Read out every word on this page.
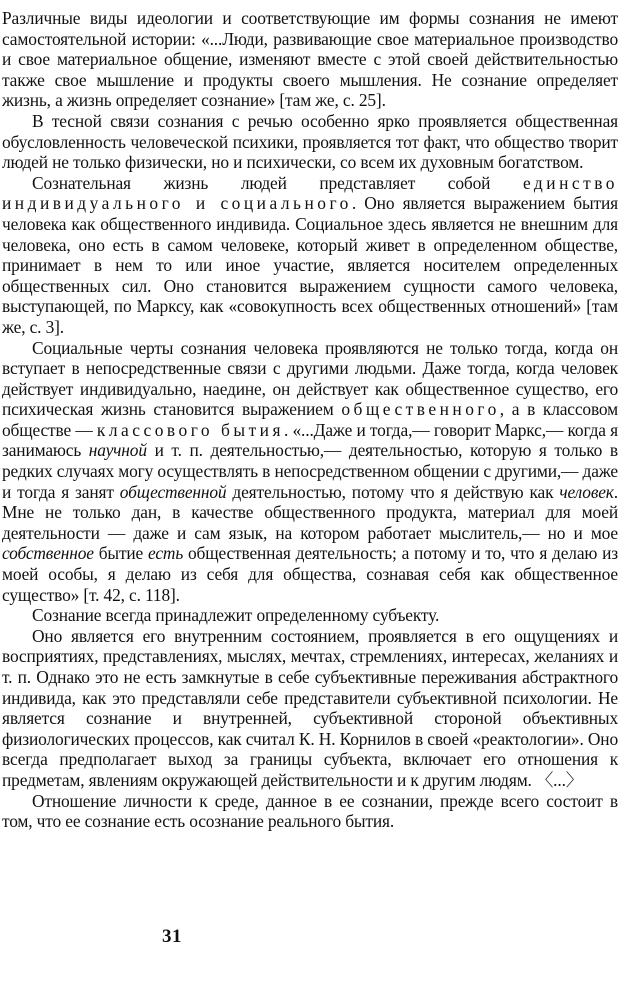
Различные виды идеологии и соответствующие им формы сознания не имеют самостоятельной истории: «...Люди, развивающие свое материальное производство и свое материальное общение, изменяют вместе с этой своей действительностью также свое мышление и продукты своего мышления. Не сознание определяет жизнь, а жизнь определяет сознание» [там же, с. 25].

В тесной связи сознания с речью особенно ярко проявляется общественная обусловленность человеческой психики, проявляется тот факт, что общество творит людей не только физически, но и психически, со всем их духовным богатством.

Сознательная жизнь людей представляет собой единство индивидуального и социального. Оно является выражением бытия человека как общественного индивида. Социальное здесь является не внешним для человека, оно есть в самом человеке, который живет в определенном обществе, принимает в нем то или иное участие, является носителем определенных общественных сил. Оно становится выражением сущности самого человека, выступающей, по Марксу, как «совокупность всех общественных отношений» [там же, с. 3].

Социальные черты сознания человека проявляются не только тогда, когда он вступает в непосредственные связи с другими людьми. Даже тогда, когда человек действует индивидуально, наедине, он действует как общественное существо, его психическая жизнь становится выражением общественного, а в классовом обществе — классового бытия. «...Даже и тогда,— говорит Маркс,— когда я занимаюсь научной и т. п. деятельностью,— деятельностью, которую я только в редких случаях могу осуществлять в непосредственном общении с другими,— даже и тогда я занят общественной деятельностью, потому что я действую как человек. Мне не только дан, в качестве общественного продукта, материал для моей деятельности — даже и сам язык, на котором работает мыслитель,— но и мое собственное бытие есть общественная деятельность; а потому и то, что я делаю из моей особы, я делаю из себя для общества, сознавая себя как общественное существо» [т. 42, с. 118].

Сознание всегда принадлежит определенному субъекту.

Оно является его внутренним состоянием, проявляется в его ощущениях и восприятиях, представлениях, мыслях, мечтах, стремлениях, интересах, желаниях и т. п. Однако это не есть замкнутые в себе субъективные переживания абстрактного индивида, как это представляли себе представители субъективной психологии. Не является сознание и внутренней, субъективной стороной объективных физиологических процессов, как считал К. Н. Корнилов в своей «реактологии». Оно всегда предполагает выход за границы субъекта, включает его отношения к предметам, явлениям окружающей действительности и к другим людям. 〈...〉

Отношение личности к среде, данное в ее сознании, прежде всего состоит в том, что ее сознание есть осознание реального бытия.

31
